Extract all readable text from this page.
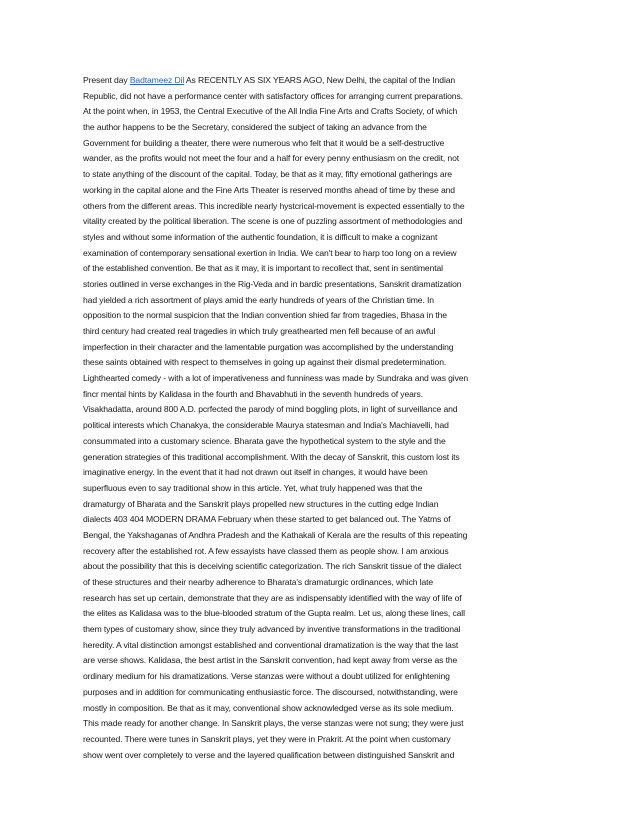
Present day Badtameez Dil As RECENTLY AS SIX YEARS AGO, New Delhi, the capital of the Indian
Republic, did not have a performance center with satisfactory offices for arranging current preparations.
At the point when, in 1953, the Central Executive of the All India Fine Arts and Crafts Society, of which
the author happens to be the Secretary, considered the subject of taking an advance from the
Government for building a theater, there were numerous who felt that it would be a self-destructive
wander, as the profits would not meet the four and a half for every penny enthusiasm on the credit, not
to state anything of the discount of the capital. Today, be that as it may, fifty emotional gatherings are
working in the capital alone and the Fine Arts Theater is reserved months ahead of time by these and
others from the different areas. This incredible nearly hystcrical-movement is expected essentially to the
vitality created by the political liberation. The scene is one of puzzling assortment of methodologies and
styles and without some information of the authentic foundation, it is difficult to make a cognizant
examination of contemporary sensational exertion in India. We can't bear to harp too long on a review
of the established convention. Be that as it may, it is important to recollect that, sent in sentimental
stories outlined in verse exchanges in the Rig-Veda and in bardic presentations, Sanskrit dramatization
had yielded a rich assortment of plays amid the early hundreds of years of the Christian time. In
opposition to the normal suspicion that the Indian convention shied far from tragedies, Bhasa in the
third century had created real tragedies in which truly greathearted men fell because of an awful
imperfection in their character and the lamentable purgation was accomplished by the understanding
these saints obtained with respect to themselves in going up against their dismal predetermination.
Lighthearted comedy - with a lot of imperativeness and funniness was made by Sundraka and was given
fincr mental hints by Kalidasa in the fourth and Bhavabhuti in the seventh hundreds of years.
Visakhadatta, around 800 A.D. pcrfected the parody of mind boggling plots, in light of surveillance and
political interests which Chanakya, the considerable Maurya statesman and India's Machiavelli, had
consummated into a customary science. Bharata gave the hypothetical system to the style and the
generation strategies of this traditional accomplishment. With the decay of Sanskrit, this custom lost its
imaginative energy. In the event that it had not drawn out itself in changes, it would have been
superfluous even to say traditional show in this article. Yet, what truly happened was that the
dramaturgy of Bharata and the Sanskrit plays propelled new structures in the cutting edge Indian
dialects 403 404 MODERN DRAMA February when these started to get balanced out. The Yatms of
Bengal, the Yakshaganas of Andhra Pradesh and the Kathakali of Kerala are the results of this repeating
recovery after the established rot. A few essayists have classed them as people show. I am anxious
about the possibility that this is deceiving scientific categorization. The rich Sanskrit tissue of the dialect
of these structures and their nearby adherence to Bharata's dramaturgic ordinances, which late
research has set up certain, demonstrate that they are as indispensably identified with the way of life of
the elites as Kalidasa was to the blue-blooded stratum of the Gupta realm. Let us, along these lines, call
them types of customary show, since they truly advanced by inventive transformations in the traditional
heredity. A vital distinction amongst established and conventional dramatization is the way that the last
are verse shows. Kalidasa, the best artist in the Sanskrit convention, had kept away from verse as the
ordinary medium for his dramatizations. Verse stanzas were without a doubt utilized for enlightening
purposes and in addition for communicating enthusiastic force. The discoursed, notwithstanding, were
mostly in composition. Be that as it may, conventional show acknowledged verse as its sole medium.
This made ready for another change. In Sanskrit plays, the verse stanzas were not sung; they were just
recounted. There were tunes in Sanskrit plays, yet they were in Prakrit. At the point when customary
show went over completely to verse and the layered qualification between distinguished Sanskrit and
